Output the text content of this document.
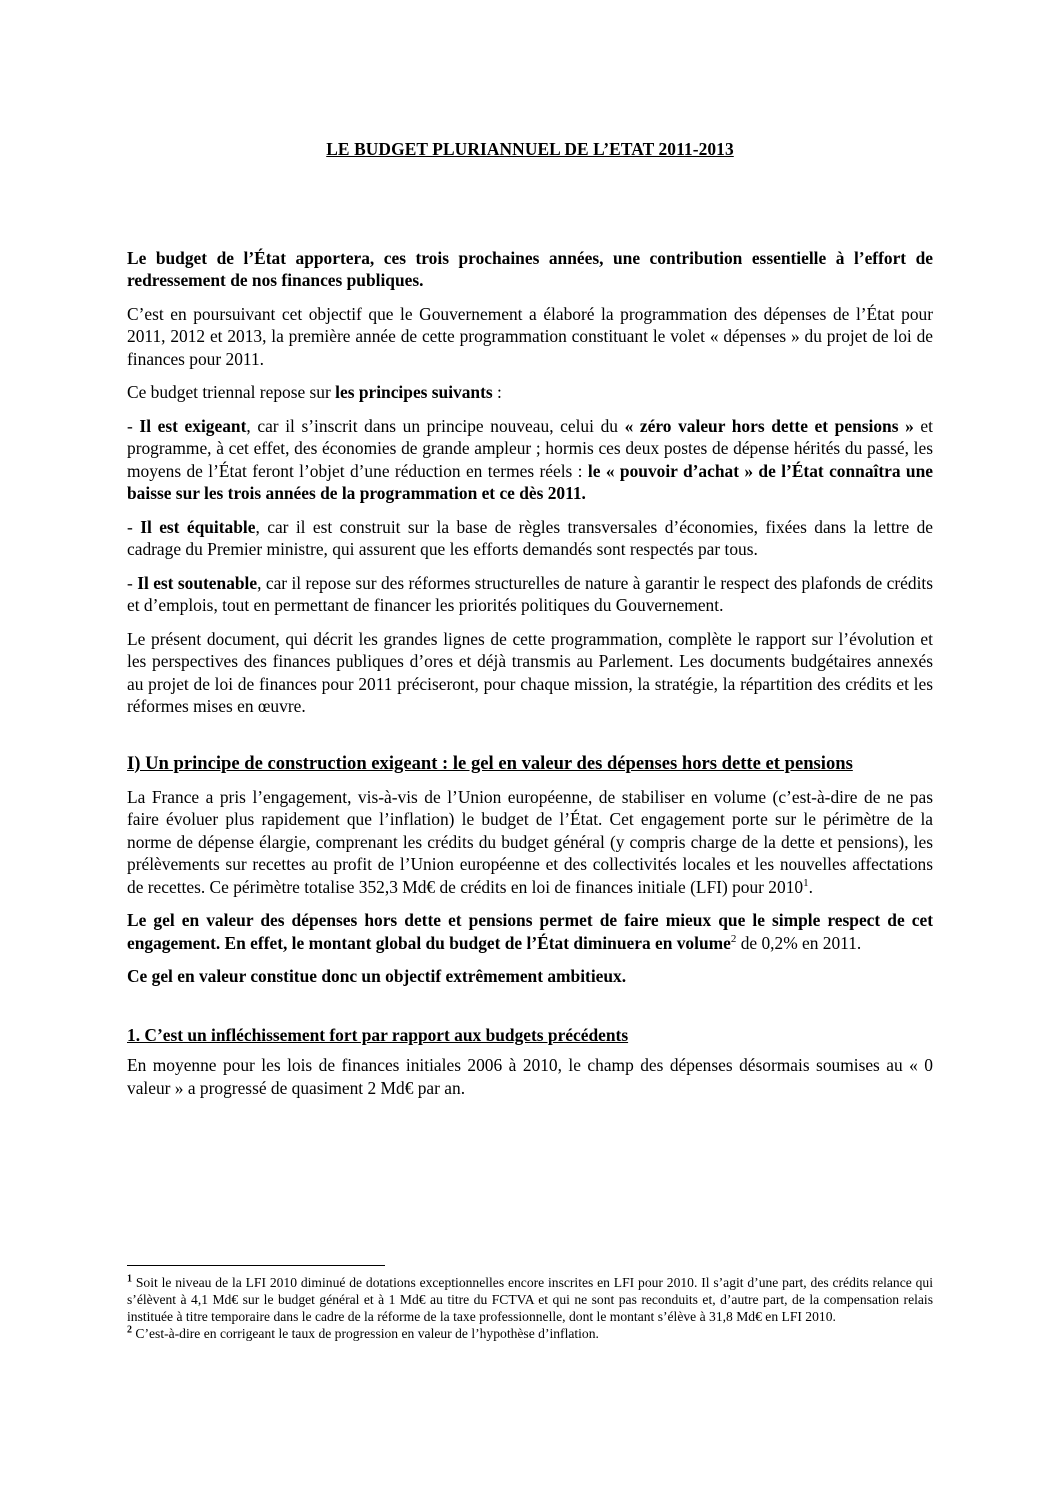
LE BUDGET PLURIANNUEL DE L’ETAT 2011-2013

Le budget de l’État apportera, ces trois prochaines années, une contribution essentielle à l’effort de redressement de nos finances publiques.

C’est en poursuivant cet objectif que le Gouvernement a élaboré la programmation des dépenses de l’État pour 2011, 2012 et 2013, la première année de cette programmation constituant le volet « dépenses » du projet de loi de finances pour 2011.

Ce budget triennal repose sur les principes suivants :

- Il est exigeant, car il s’inscrit dans un principe nouveau, celui du « zéro valeur hors dette et pensions » et programme, à cet effet, des économies de grande ampleur ; hormis ces deux postes de dépense hérités du passé, les moyens de l’État feront l’objet d’une réduction en termes réels : le « pouvoir d’achat » de l’État connaîtra une baisse sur les trois années de la programmation et ce dès 2011.

- Il est équitable, car il est construit sur la base de règles transversales d’économies, fixées dans la lettre de cadrage du Premier ministre, qui assurent que les efforts demandés sont respectés par tous.

- Il est soutenable, car il repose sur des réformes structurelles de nature à garantir le respect des plafonds de crédits et d’emplois, tout en permettant de financer les priorités politiques du Gouvernement.

Le présent document, qui décrit les grandes lignes de cette programmation, complète le rapport sur l’évolution et les perspectives des finances publiques d’ores et déjà transmis au Parlement. Les documents budgétaires annexés au projet de loi de finances pour 2011 préciseront, pour chaque mission, la stratégie, la répartition des crédits et les réformes mises en œuvre.

I) Un principe de construction exigeant : le gel en valeur des dépenses hors dette et pensions

La France a pris l’engagement, vis-à-vis de l’Union européenne, de stabiliser en volume (c’est-à-dire de ne pas faire évoluer plus rapidement que l’inflation) le budget de l’État. Cet engagement porte sur le périmètre de la norme de dépense élargie, comprenant les crédits du budget général (y compris charge de la dette et pensions), les prélèvements sur recettes au profit de l’Union européenne et des collectivités locales et les nouvelles affectations de recettes. Ce périmètre totalise 352,3 Md€ de crédits en loi de finances initiale (LFI) pour 2010$^1$.

Le gel en valeur des dépenses hors dette et pensions permet de faire mieux que le simple respect de cet engagement. En effet, le montant global du budget de l’État diminuera en volume$^2$ de 0,2% en 2011.

Ce gel en valeur constitue donc un objectif extrêmement ambitieux.

1. C’est un infléchissement fort par rapport aux budgets précédents

En moyenne pour les lois de finances initiales 2006 à 2010, le champ des dépenses désormais soumises au « 0 valeur » a progressé de quasiment 2 Md€ par an.

$^1$ Soit le niveau de la LFI 2010 diminué de dotations exceptionnelles encore inscrites en LFI pour 2010. Il s’agit d’une part, des crédits relance qui s’élèvent à 4,1 Md€ sur le budget général et à 1 Md€ au titre du FCTVA et qui ne sont pas reconduits et, d’autre part, de la compensation relais instituée à titre temporaire dans le cadre de la réforme de la taxe professionnelle, dont le montant s’élève à 31,8 Md€ en LFI 2010.

$^2$ C’est-à-dire en corrigeant le taux de progression en valeur de l’hypothèse d’inflation.
